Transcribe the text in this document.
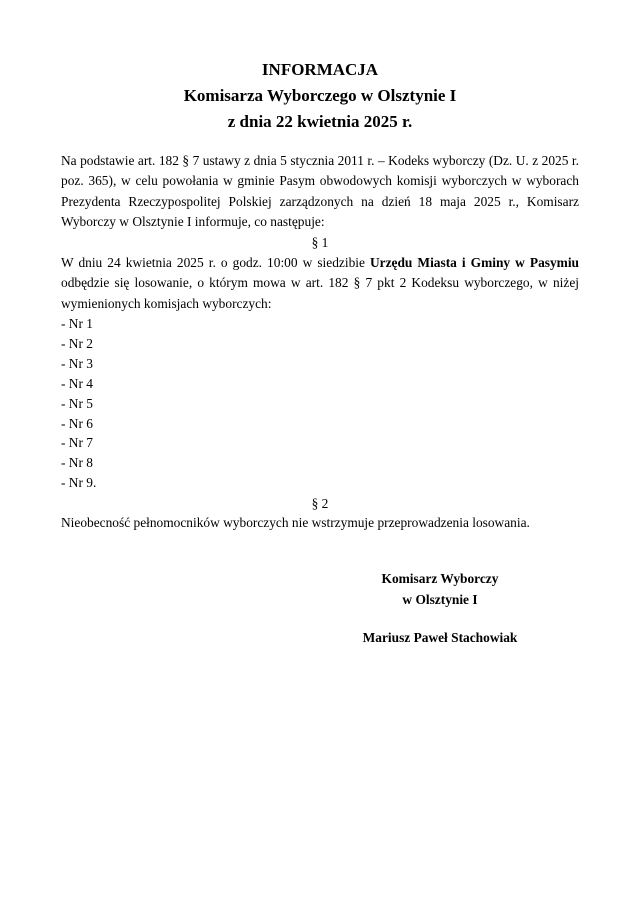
INFORMACJA
Komisarza Wyborczego w Olsztynie I
z dnia 22 kwietnia 2025 r.
Na podstawie art. 182 § 7 ustawy z dnia 5 stycznia 2011 r. – Kodeks wyborczy (Dz. U. z 2025 r. poz. 365), w celu powołania w gminie Pasym obwodowych komisji wyborczych w wyborach Prezydenta Rzeczypospolitej Polskiej zarządzonych na dzień 18 maja 2025 r., Komisarz Wyborczy w Olsztynie I informuje, co następuje:
§ 1
W dniu 24 kwietnia 2025 r. o godz. 10:00 w siedzibie Urzędu Miasta i Gminy w Pasymiu odbędzie się losowanie, o którym mowa w art. 182 § 7 pkt 2 Kodeksu wyborczego, w niżej wymienionych komisjach wyborczych:
- Nr 1
- Nr 2
- Nr 3
- Nr 4
- Nr 5
- Nr 6
- Nr 7
- Nr 8
- Nr 9.
§ 2
Nieobecność pełnomocników wyborczych nie wstrzymuje przeprowadzenia losowania.
Komisarz Wyborczy
w Olsztynie I
Mariusz Paweł Stachowiak
